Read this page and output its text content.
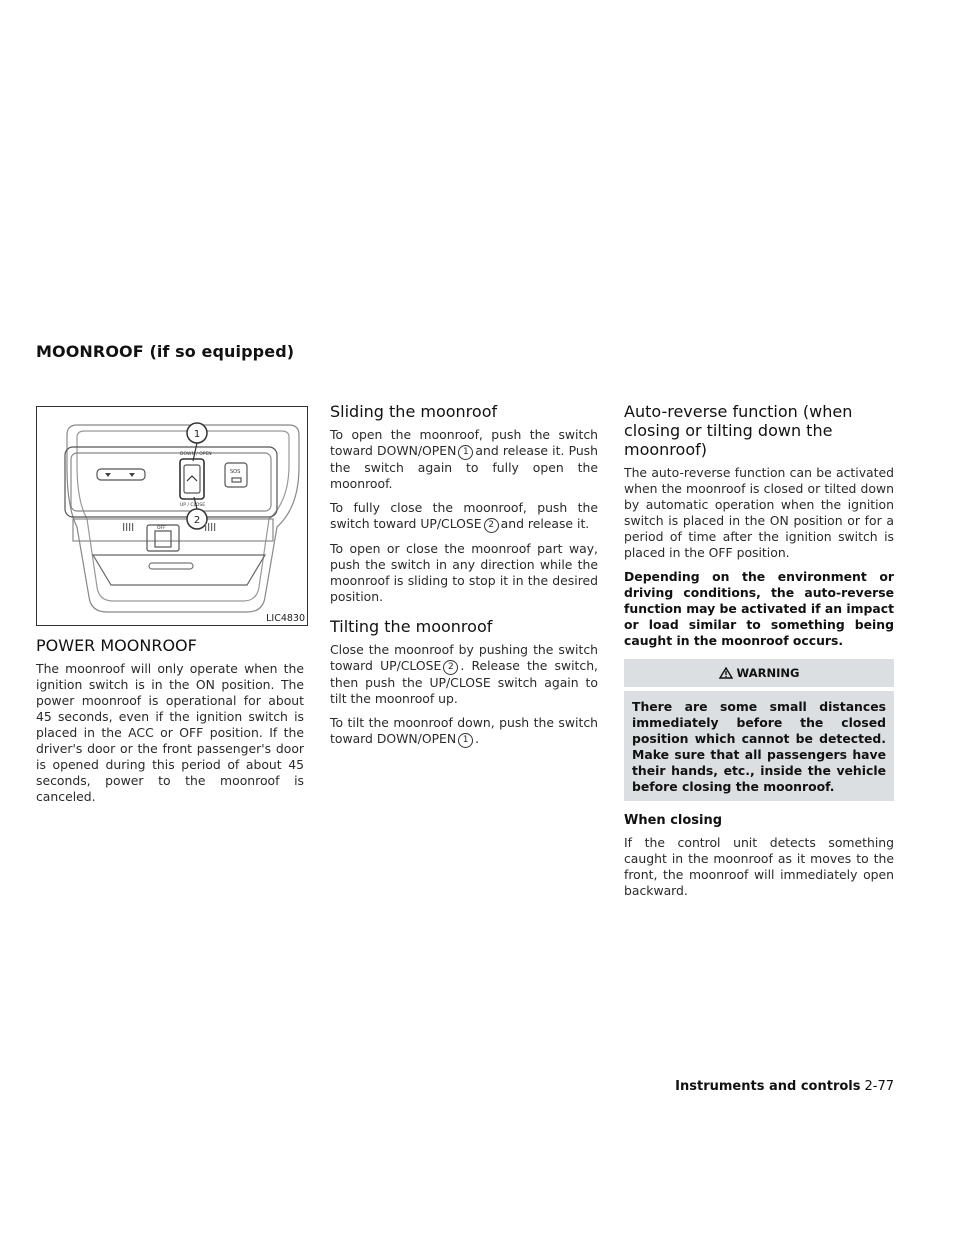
MOONROOF (if so equipped)
1
2
DOWN / OPEN
UP / CLOSE
SOS
OFF
LIC4830
POWER MOONROOF

The moonroof will only operate when the ignition switch is in the ON position. The power moonroof is operational for about 45 seconds, even if the ignition switch is placed in the ACC or OFF position. If the driver's door or the front passenger's door is opened during this period of about 45 seconds, power to the moonroof is canceled.

Sliding the moonroof

To open the moonroof, push the switch toward DOWN/OPEN 1 and release it. Push the switch again to fully open the moonroof.

To fully close the moonroof, push the switch toward UP/CLOSE 2 and release it.

To open or close the moonroof part way, push the switch in any direction while the moonroof is sliding to stop it in the desired position.

Tilting the moonroof

Close the moonroof by pushing the switch toward UP/CLOSE 2 . Release the switch, then push the UP/CLOSE switch again to tilt the moonroof up.

To tilt the moonroof down, push the switch toward DOWN/OPEN 1 .

Auto-reverse function (when closing or tilting down the moonroof)

The auto-reverse function can be activated when the moonroof is closed or tilted down by automatic operation when the ignition switch is placed in the ON position or for a period of time after the ignition switch is placed in the OFF position.

Depending on the environment or driving conditions, the auto-reverse function may be activated if an impact or load similar to something being caught in the moonroof occurs.

WARNING
There are some small distances immediately before the closed position which cannot be detected. Make sure that all passengers have their hands, etc., inside the vehicle before closing the moonroof.
When closing

If the control unit detects something caught in the moonroof as it moves to the front, the moonroof will immediately open backward.

Instruments and controls 2-77
